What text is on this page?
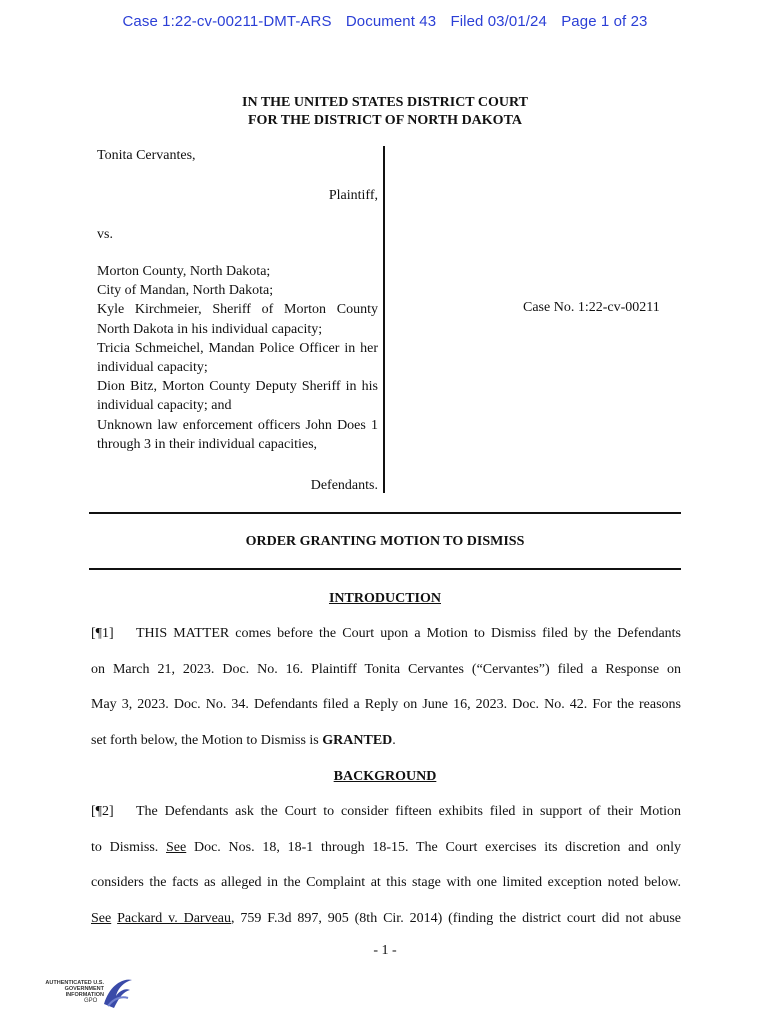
Case 1:22-cv-00211-DMT-ARS Document 43 Filed 03/01/24 Page 1 of 23
IN THE UNITED STATES DISTRICT COURT
FOR THE DISTRICT OF NORTH DAKOTA
Tonita Cervantes,
Plaintiff,
vs.
Morton County, North Dakota;
City of Mandan, North Dakota;
Kyle Kirchmeier, Sheriff of Morton County North Dakota in his individual capacity;
Tricia Schmeichel, Mandan Police Officer in her individual capacity;
Dion Bitz, Morton County Deputy Sheriff in his individual capacity; and
Unknown law enforcement officers John Does 1 through 3 in their individual capacities,
Defendants.
Case No. 1:22-cv-00211
ORDER GRANTING MOTION TO DISMISS
INTRODUCTION
[¶1] THIS MATTER comes before the Court upon a Motion to Dismiss filed by the Defendants
on March 21, 2023. Doc. No. 16. Plaintiff Tonita Cervantes (“Cervantes”) filed a Response on
May 3, 2023. Doc. No. 34. Defendants filed a Reply on June 16, 2023. Doc. No. 42. For the reasons
set forth below, the Motion to Dismiss is GRANTED.
BACKGROUND
[¶2] The Defendants ask the Court to consider fifteen exhibits filed in support of their Motion
to Dismiss. See Doc. Nos. 18, 18-1 through 18-15. The Court exercises its discretion and only
considers the facts as alleged in the Complaint at this stage with one limited exception noted below.
See Packard v. Darveau, 759 F.3d 897, 905 (8th Cir. 2014) (finding the district court did not abuse
- 1 -
AUTHENTICATED U.S. GOVERNMENT INFORMATION
GPO
